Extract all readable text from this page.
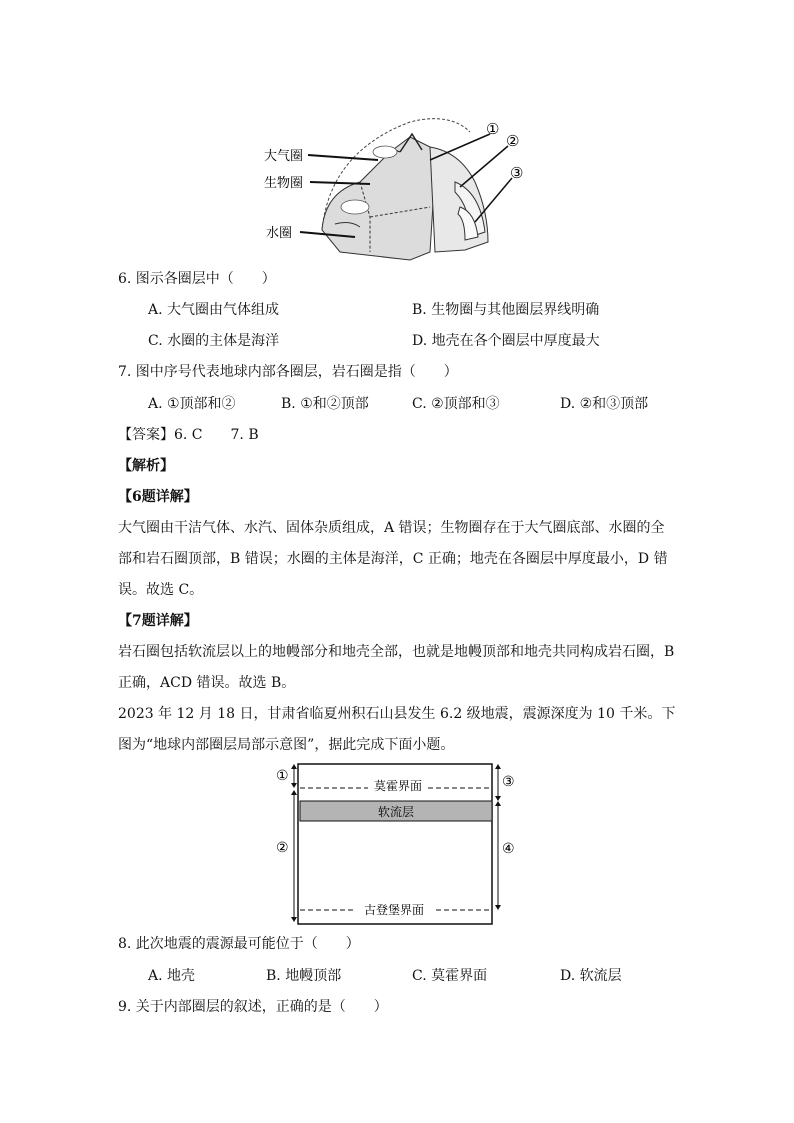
大气圈
生物圈
水圈
①
②
③
6. 图示各圈层中（　　）
A. 大气圈由气体组成	B. 生物圈与其他圈层界线明确
C. 水圈的主体是海洋	D. 地壳在各个圈层中厚度最大
7. 图中序号代表地球内部各圈层，岩石圈是指（　　）
A. ①顶部和②	B. ①和②顶部	C. ②顶部和③	D. ②和③顶部
【答案】6. C　　7. B
【解析】
【6题详解】
大气圈由干洁气体、水汽、固体杂质组成，A 错误；生物圈存在于大气圈底部、水圈的全部和岩石圈顶部，B 错误；水圈的主体是海洋，C 正确；地壳在各圈层中厚度最小，D 错误。故选 C。
【7题详解】
岩石圈包括软流层以上的地幔部分和地壳全部，也就是地幔顶部和地壳共同构成岩石圈，B 正确，ACD 错误。故选 B。
2023 年 12 月 18 日，甘肃省临夏州积石山县发生 6.2 级地震，震源深度为 10 千米。下图为“地球内部圈层局部示意图”，据此完成下面小题。
莫霍界面
软流层
古登堡界面
①
②
③
④
8. 此次地震的震源最可能位于（　　）
A. 地壳	B. 地幔顶部	C. 莫霍界面	D. 软流层
9. 关于内部圈层的叙述，正确的是（　　）
